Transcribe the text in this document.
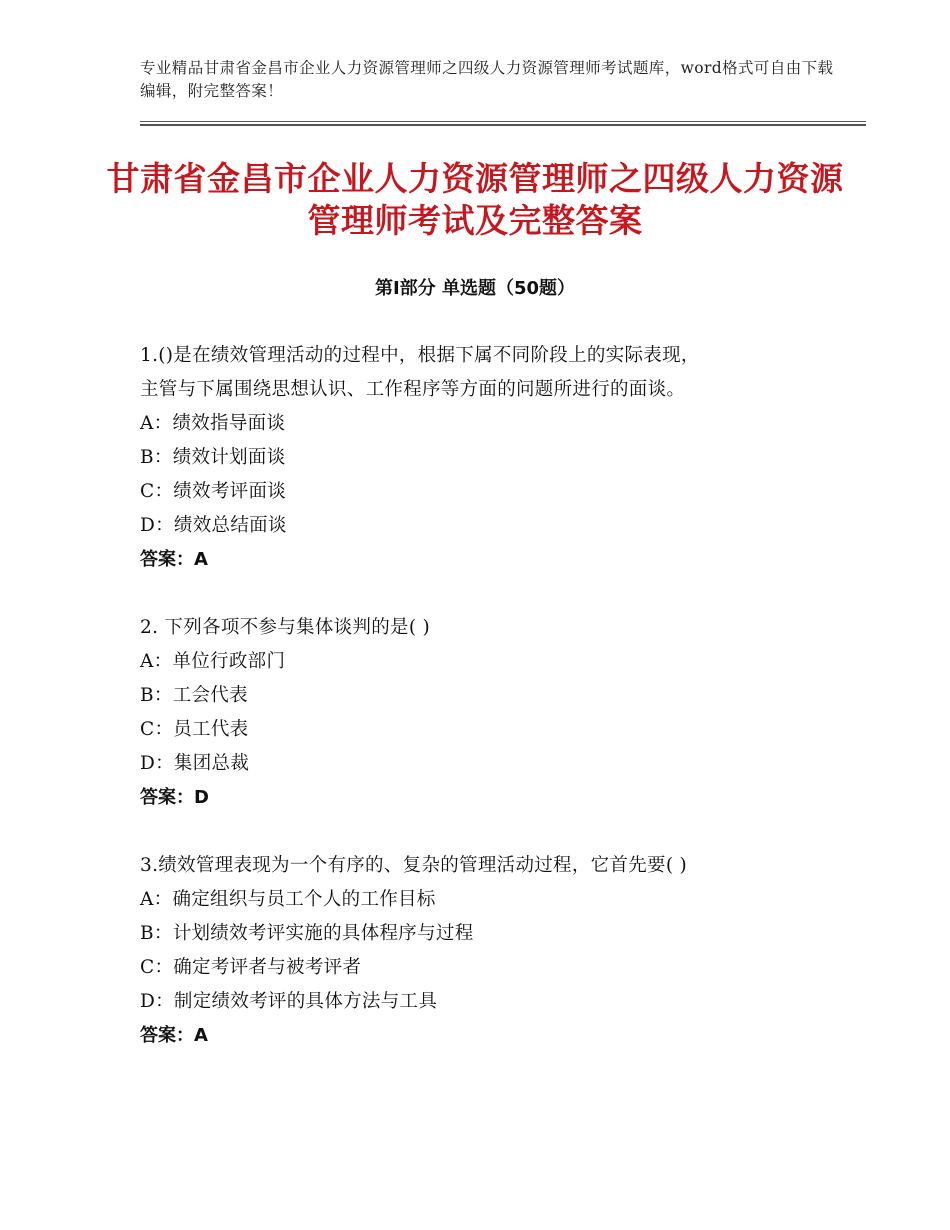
专业精品甘肃省金昌市企业人力资源管理师之四级人力资源管理师考试题库，word格式可自由下载编辑，附完整答案！
甘肃省金昌市企业人力资源管理师之四级人力资源管理师考试及完整答案
第Ⅰ部分 单选题（50题）
1.()是在绩效管理活动的过程中，根据下属不同阶段上的实际表现，
主管与下属围绕思想认识、工作程序等方面的问题所进行的面谈。
A：绩效指导面谈
B：绩效计划面谈
C：绩效考评面谈
D：绩效总结面谈
答案：A
2. 下列各项不参与集体谈判的是( )
A：单位行政部门
B：工会代表
C：员工代表
D：集团总裁
答案：D
3.绩效管理表现为一个有序的、复杂的管理活动过程，它首先要( )
A：确定组织与员工个人的工作目标
B：计划绩效考评实施的具体程序与过程
C：确定考评者与被考评者
D：制定绩效考评的具体方法与工具
答案：A
